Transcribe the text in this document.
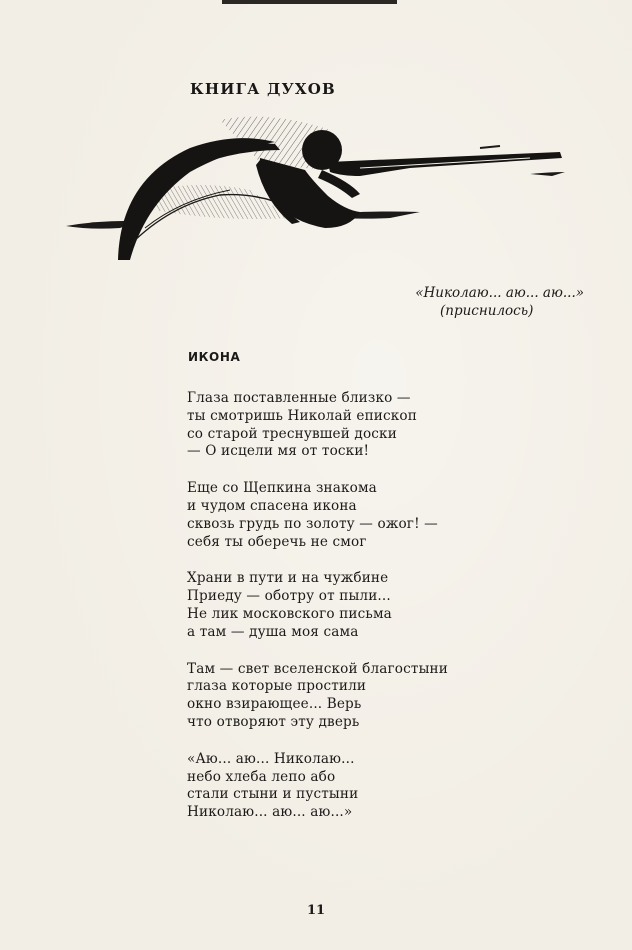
КНИГА ДУХОВ
«Николаю... аю... аю...»
(приснилось)
ИКОНА
Глаза поставленные близко —
ты смотришь Николай епископ
со старой треснувшей доски
— О исцели мя от тоски!
Еще со Щепкина знакома
и чудом спасена икона
сквозь грудь по золоту — ожог! —
себя ты оберечь не смог
Храни в пути и на чужбине
Приеду — оботру от пыли...
Не лик московского письма
а там — душа моя сама
Там — свет вселенской благостыни
глаза которые простили
окно взирающее... Верь
что отворяют эту дверь
«Аю... аю... Николаю...
небо хлеба лепо або
стали стыни и пустыни
Николаю... аю... аю...»
11
